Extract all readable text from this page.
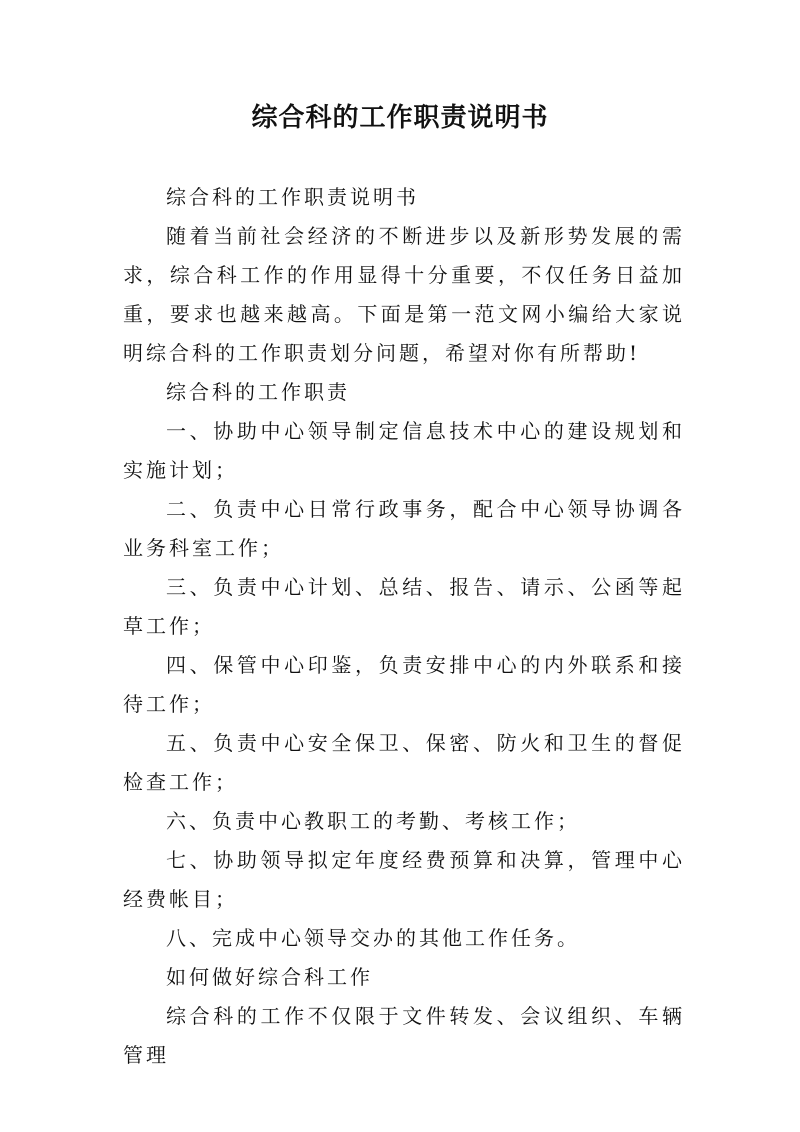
综合科的工作职责说明书

综合科的工作职责说明书

随着当前社会经济的不断进步以及新形势发展的需求，综合科工作的作用显得十分重要，不仅任务日益加重，要求也越来越高。下面是第一范文网小编给大家说明综合科的工作职责划分问题，希望对你有所帮助!

综合科的工作职责

一、协助中心领导制定信息技术中心的建设规划和实施计划；

二、负责中心日常行政事务，配合中心领导协调各业务科室工作；

三、负责中心计划、总结、报告、请示、公函等起草工作；

四、保管中心印鉴，负责安排中心的内外联系和接待工作；

五、负责中心安全保卫、保密、防火和卫生的督促检查工作；

六、负责中心教职工的考勤、考核工作；

七、协助领导拟定年度经费预算和决算，管理中心经费帐目；

八、完成中心领导交办的其他工作任务。

如何做好综合科工作

综合科的工作不仅限于文件转发、会议组织、车辆管理
